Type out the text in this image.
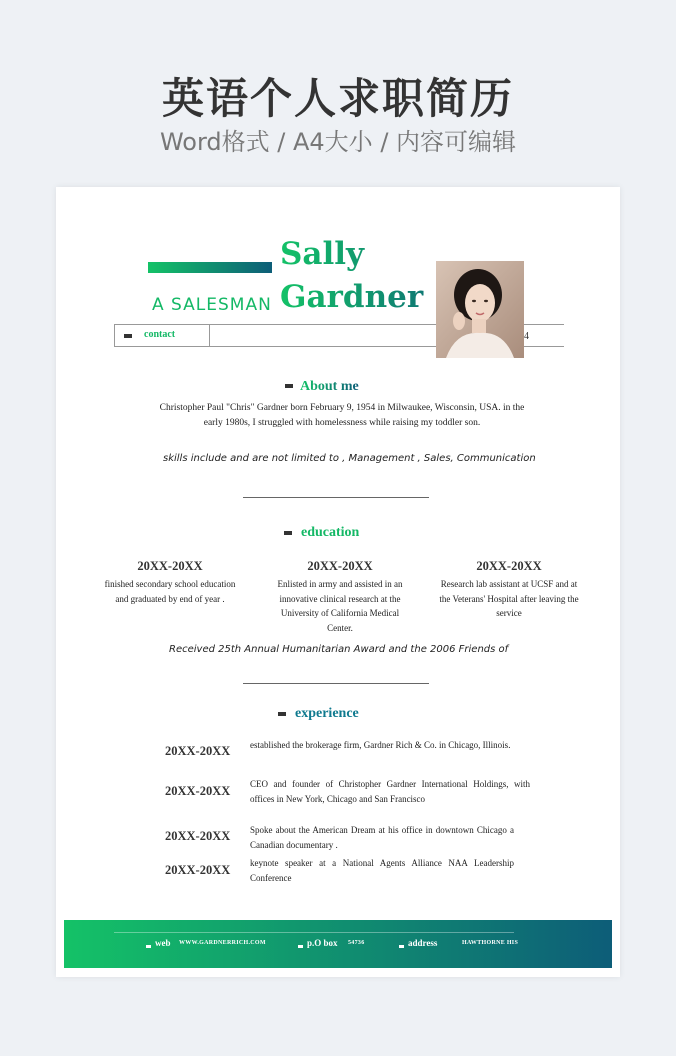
英语个人求职简历
Word格式 / A4大小 / 内容可编辑
A SALESMAN
Sally
Gardner
contact	4
About me
Christopher Paul "Chris" Gardner born February 9, 1954 in Milwaukee, Wisconsin, USA. in the early 1980s, I struggled with homelessness while raising my toddler son.
skills include and are not limited to , Management , Sales, Communication
education
20XX-20XX
finished secondary school education and graduated by end of year .
20XX-20XX
Enlisted in army and assisted in an innovative clinical research at the University of California Medical Center.
20XX-20XX
Research lab assistant at UCSF and at the Veterans' Hospital after leaving the service
Received 25th Annual Humanitarian Award and the 2006 Friends of
experience
20XX-20XX established the brokerage firm, Gardner Rich & Co. in Chicago, Illinois.
20XX-20XX CEO and founder of Christopher Gardner International Holdings, with offices in New York, Chicago and San Francisco
20XX-20XX Spoke about the American Dream at his office in downtown Chicago a Canadian documentary .
20XX-20XX keynote speaker at a National Agents Alliance NAA Leadership Conference
web WWW.GARDNERRICH.COM	p.O box 54736	address	HAWTHORNE HIS
